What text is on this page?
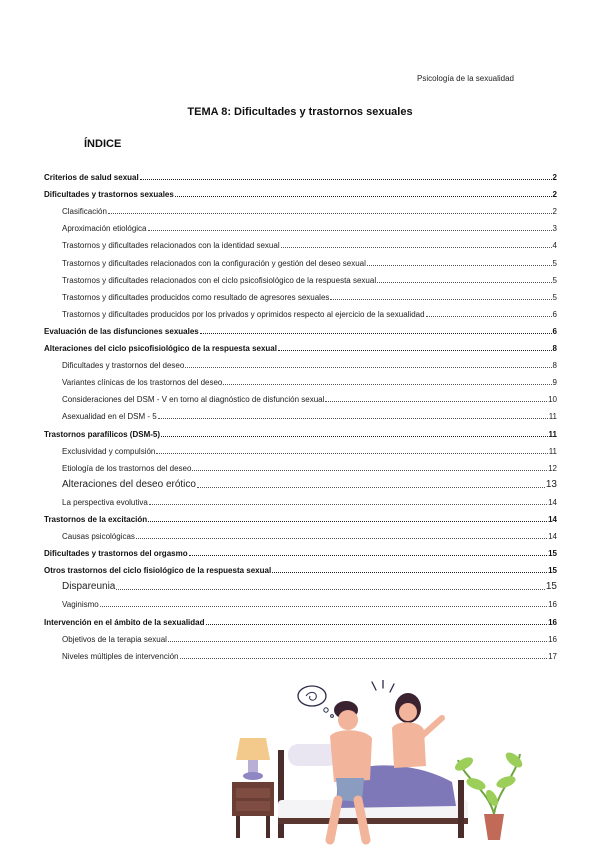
Psicología de la sexualidad
TEMA 8: Dificultades y trastornos sexuales
ÍNDICE
Criterios de salud sexual	2
Dificultades y trastornos sexuales	2
Clasificación	2
Aproximación etiológica	3
Trastornos y dificultades relacionados con la identidad sexual	4
Trastornos y dificultades relacionados con la configuración y gestión del deseo sexual	5
Trastornos y dificultades relacionados con el ciclo psicofisiológico de la respuesta sexual	5
Trastornos y dificultades producidos como resultado de agresores sexuales	5
Trastornos y dificultades producidos por los privados y oprimidos respecto al ejercicio de la sexualidad	6
Evaluación de las disfunciones sexuales	6
Alteraciones del ciclo psicofisiológico de la respuesta sexual	8
Dificultades y trastornos del deseo	8
Variantes clínicas de los trastornos del deseo	9
Consideraciones del DSM - V en torno al diagnóstico de disfunción sexual	10
Asexualidad en el DSM - 5	11
Trastornos parafílicos (DSM-5)	11
Exclusividad y compulsión	11
Etiología de los trastornos del deseo	12
Alteraciones del deseo erótico	13
La perspectiva evolutiva	14
Trastornos de la excitación	14
Causas psicológicas	14
Dificultades y trastornos del orgasmo	15
Otros trastornos del ciclo fisiológico de la respuesta sexual	15
Dispareunia	15
Vaginismo	16
Intervención en el ámbito de la sexualidad	16
Objetivos de la terapia sexual	16
Niveles múltiples de intervención	17
